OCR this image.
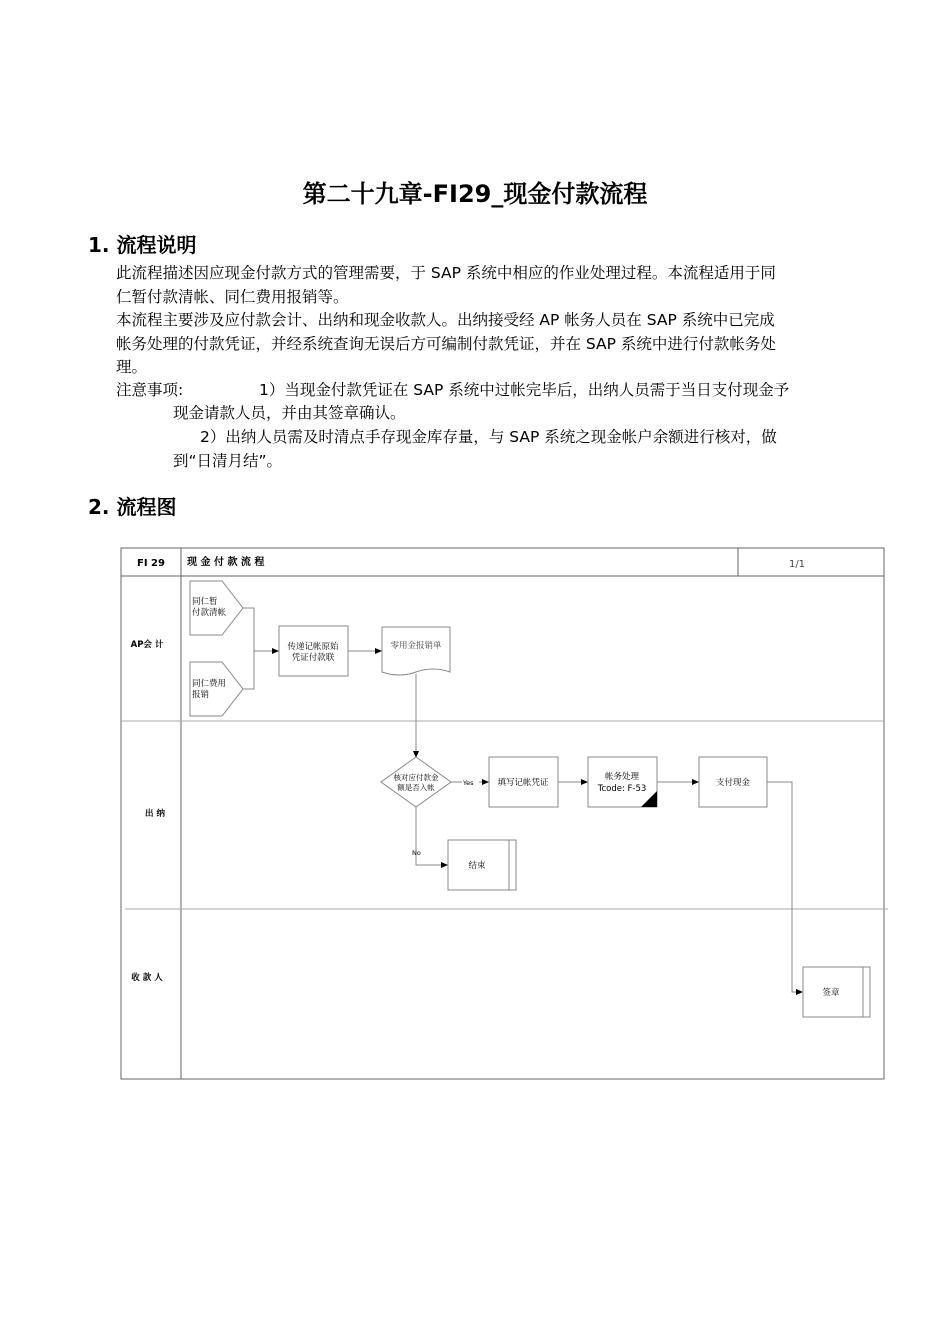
第二十九章-FI29_现金付款流程
1. 流程说明
此流程描述因应现金付款方式的管理需要，于 SAP 系统中相应的作业处理过程。本流程适用于同
仁暂付款清帐、同仁费用报销等。
本流程主要涉及应付款会计、出纳和现金收款人。出纳接受经 AP 帐务人员在 SAP 系统中已完成
帐务处理的付款凭证，并经系统查询无误后方可编制付款凭证，并在 SAP 系统中进行付款帐务处
理。
注意事项:	1）当现金付款凭证在 SAP 系统中过帐完毕后，出纳人员需于当日支付现金予
现金请款人员，并由其签章确认。
2）出纳人员需及时清点手存现金库存量，与 SAP 系统之现金帐户余额进行核对，做
到“日清月结”。
2. 流程图
FI 29 现 金 付 款 流 程	1/1
AP会 计
出 纳
收 款 人
同仁暂
付款清帐
同仁费用
报销
传递记帐原始
凭证付款联
零用金报销单
核对应付款金
额是否入帐	Yes	填写记帐凭证
帐务处理
Tcode: F-53
支付现金
No
结束
签章
